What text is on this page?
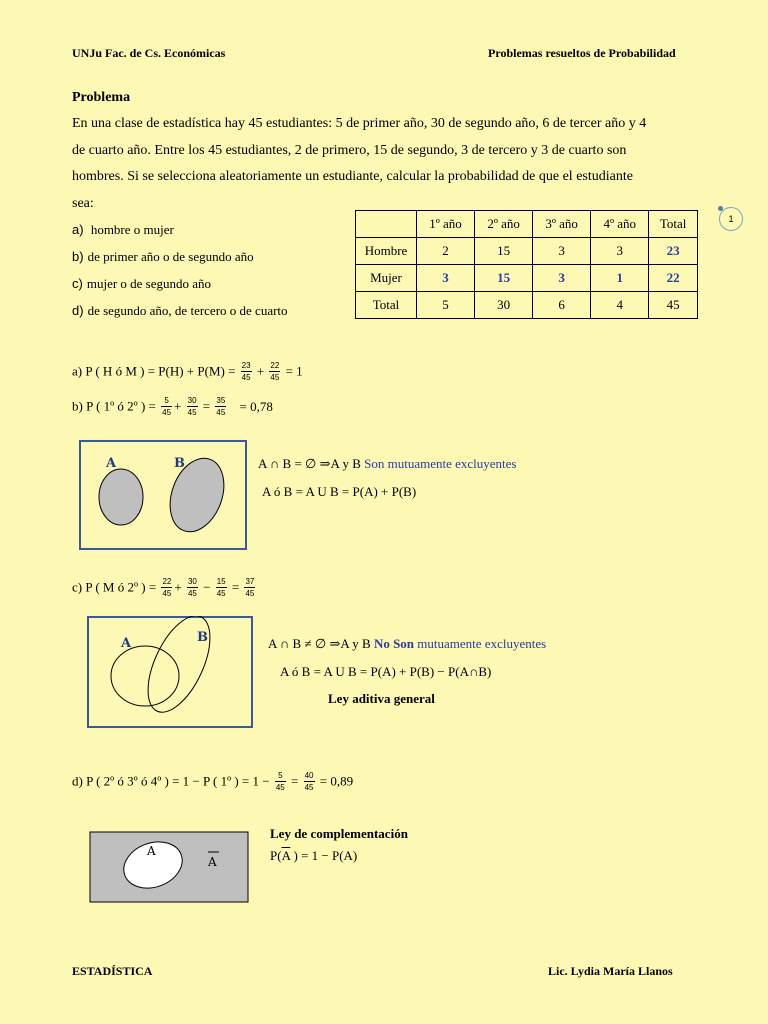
UNJu Fac. de Cs. Económicas	Problemas resueltos de Probabilidad
Problema
En una clase de estadística hay 45 estudiantes: 5 de primer año, 30 de segundo año, 6 de tercer año y 4
de cuarto año. Entre los 45 estudiantes, 2 de primero, 15 de segundo, 3 de tercero y 3 de cuarto son
hombres. Si se selecciona aleatoriamente un estudiante, calcular la probabilidad de que el estudiante
sea:
a) hombre o mujer
b) de primer año o de segundo año
c) mujer o de segundo año
d) de segundo año, de tercero o de cuarto
	1º año	2º año	3º año	4º año	Total
Hombre	2	15	3	3	23
Mujer	3	15	3	1	22
Total	5	30	6	4	45
1
a) P ( H ó M ) = $P(H) + P(M) = \frac{23}{45} + \frac{22}{45} = 1$
b) P ( 1º ó 2º ) = $\frac{5}{45} + \frac{30}{45} = \frac{35}{45} = 0,78$
A	B	A ∩ B = ∅ ⇒A y B Son mutuamente excluyentes
A ó B = A U B = P(A) + P(B)
c) P ( M ó 2º ) = $\frac{22}{45} + \frac{30}{45} - \frac{15}{45} = \frac{37}{45}$
A	B	A ∩ B ≠ ∅ ⇒A y B No Son mutuamente excluyentes
A ó B = A U B = P(A) + P(B) − P(A∩B)
Ley aditiva general
d) P ( 2º ó 3º ó 4º ) = 1 − P ( 1º ) = $1 - \frac{5}{45} = \frac{40}{45} = 0,89$
A
A
Ley de complementación
$P(\overline{A}$ ) = 1 − P(A)
ESTADÍSTICA	Lic. Lydia María Llanos
